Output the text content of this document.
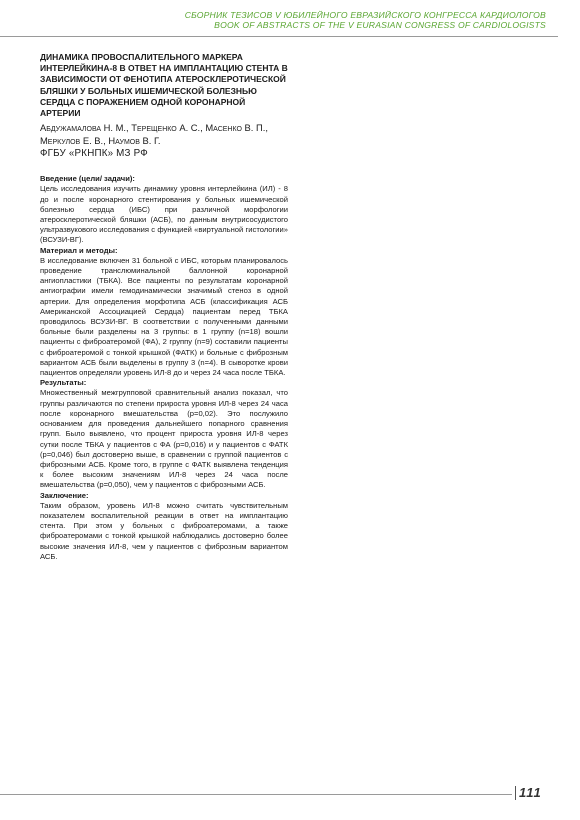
СБОРНИК ТЕЗИСОВ V ЮБИЛЕЙНОГО ЕВРАЗИЙСКОГО КОНГРЕССА КАРДИОЛОГОВ
BOOK OF ABSTRACTS OF THE V EURASIAN CONGRESS OF CARDIOLOGISTS
ДИНАМИКА ПРОВОСПАЛИТЕЛЬНОГО МАРКЕРА ИНТЕРЛЕЙКИНА-8 В ОТВЕТ НА ИМПЛАНТАЦИЮ СТЕНТА В ЗАВИСИМОСТИ ОТ ФЕНОТИПА АТЕРОСКЛЕРОТИЧЕСКОЙ БЛЯШКИ У БОЛЬНЫХ ИШЕМИЧЕСКОЙ БОЛЕЗНЬЮ СЕРДЦА С ПОРАЖЕНИЕМ ОДНОЙ КОРОНАРНОЙ АРТЕРИИ
Абдужамалова Н. М., Терещенко А. С., Масенко В. П., Меркулов Е. В., Наумов В. Г.
ФГБУ «РКНПК» МЗ РФ

Введение (цели/ задачи):

Цель исследования изучить динамику уровня интерлейкина (ИЛ) - 8 до и после коронарного стентирования у больных ишемической болезнью сердца (ИБС) при различной морфологии атеросклеротической бляшки (АСБ), по данным внутрисосудистого ультразвукового исследования с функцией «виртуальной гистологии» (ВСУЗИ-ВГ).

Материал и методы:

В исследование включен 31 больной с ИБС, которым планировалось проведение транслюминальной баллонной коронарной ангиопластики (ТБКА). Все пациенты по результатам коронарной ангиографии имели гемодинамически значимый стеноз в одной артерии. Для определения морфотипа АСБ (классификация АСБ Американской Ассоциацией Сердца) пациентам перед ТБКА проводилось ВСУЗИ-ВГ. В соответствии с полученными данными больные были разделены на 3 группы: в 1 группу (n=18) вошли пациенты с фиброатеромой (ФА), 2 группу (n=9) составили пациенты с фиброатеромой с тонкой крышкой (ФАТК) и больные с фиброзным вариантом АСБ были выделены в группу 3 (n=4). В сыворотке крови пациентов определяли уровень ИЛ-8 до и через 24 часа после ТБКА.

Результаты:

Множественный межгрупповой сравнительный анализ показал, что группы различаются по степени прироста уровня ИЛ-8 через 24 часа после коронарного вмешательства (p=0,02). Это послужило основанием для проведения дальнейшего попарного сравнения групп. Было выявлено, что процент прироста уровня ИЛ-8 через сутки после ТБКА у пациентов с ФА (p=0,016) и у пациентов с ФАТК (p=0,046) был достоверно выше, в сравнении с группой пациентов с фиброзными АСБ. Кроме того, в группе с ФАТК выявлена тенденция к более высоким значениям ИЛ-8 через 24 часа после вмешательства (p=0,050), чем у пациентов с фиброзными АСБ.

Заключение:

Таким образом, уровень ИЛ-8 можно считать чувствительным показателем воспалительной реакции в ответ на имплантацию стента. При этом у больных с фиброатеромами, а также фиброатеромами с тонкой крышкой наблюдались достоверно более высокие значения ИЛ-8, чем у пациентов с фиброзным вариантом АСБ.

111
